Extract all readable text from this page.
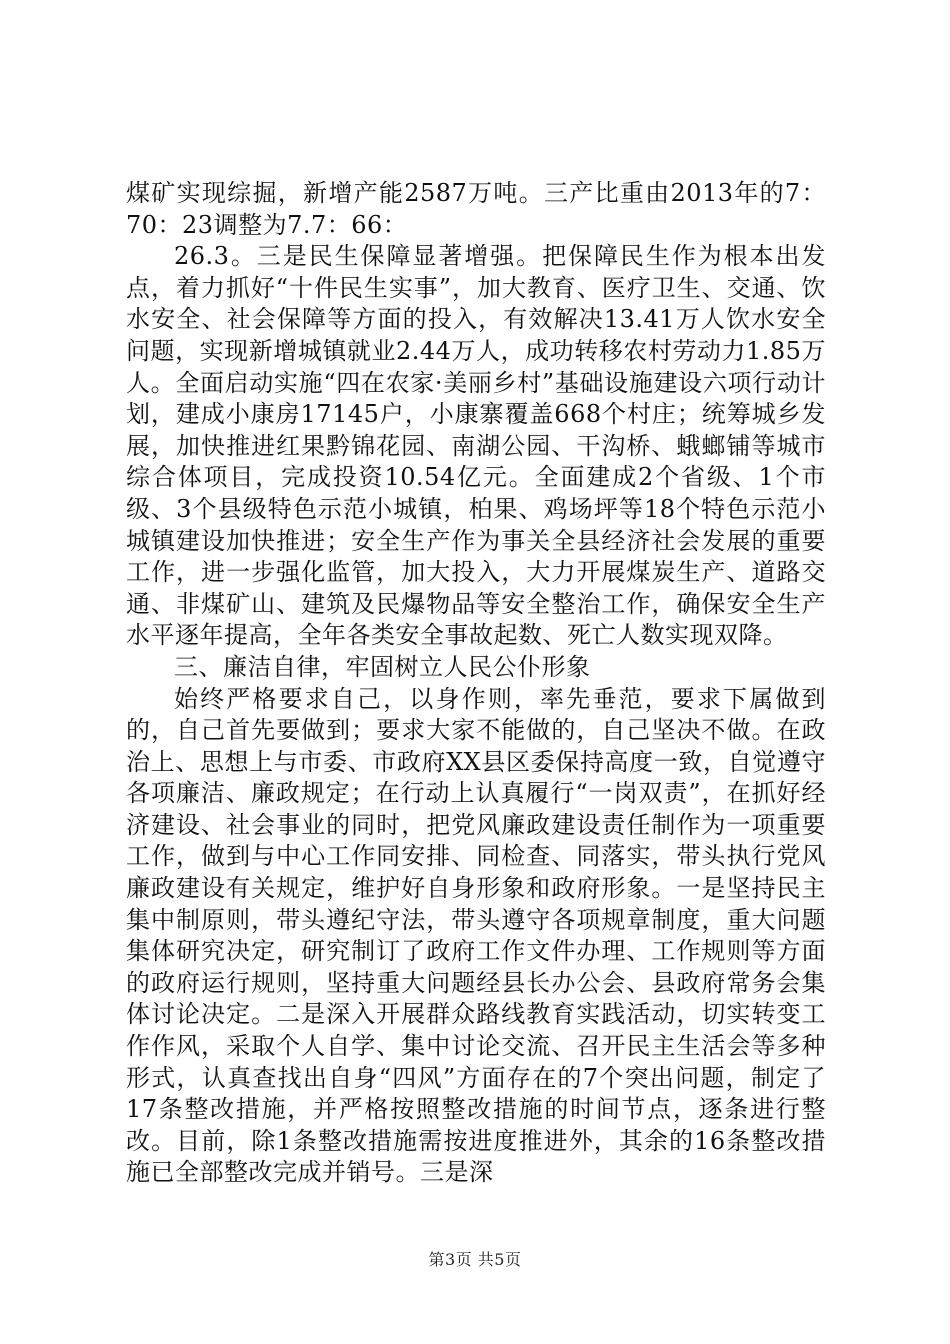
煤矿实现综掘，新增产能2587万吨。三产比重由2013年的7：70：23调整为7.7：66：

26.3。三是民生保障显著增强。把保障民生作为根本出发点，着力抓好“十件民生实事”，加大教育、医疗卫生、交通、饮水安全、社会保障等方面的投入，有效解决13.41万人饮水安全问题，实现新增城镇就业2.44万人，成功转移农村劳动力1.85万人。全面启动实施“四在农家·美丽乡村”基础设施建设六项行动计划，建成小康房17145户，小康寨覆盖668个村庄；统筹城乡发展，加快推进红果黔锦花园、南湖公园、干沟桥、蛾螂铺等城市综合体项目，完成投资10.54亿元。全面建成2个省级、1个市级、3个县级特色示范小城镇，柏果、鸡场坪等18个特色示范小城镇建设加快推进；安全生产作为事关全县经济社会发展的重要工作，进一步强化监管，加大投入，大力开展煤炭生产、道路交通、非煤矿山、建筑及民爆物品等安全整治工作，确保安全生产水平逐年提高，全年各类安全事故起数、死亡人数实现双降。

三、廉洁自律，牢固树立人民公仆形象

始终严格要求自己，以身作则，率先垂范，要求下属做到的，自己首先要做到；要求大家不能做的，自己坚决不做。在政治上、思想上与市委、市政府XX县区委保持高度一致，自觉遵守各项廉洁、廉政规定；在行动上认真履行“一岗双责”，在抓好经济建设、社会事业的同时，把党风廉政建设责任制作为一项重要工作，做到与中心工作同安排、同检查、同落实，带头执行党风廉政建设有关规定，维护好自身形象和政府形象。一是坚持民主集中制原则，带头遵纪守法，带头遵守各项规章制度，重大问题集体研究决定，研究制订了政府工作文件办理、工作规则等方面的政府运行规则，坚持重大问题经县长办公会、县政府常务会集体讨论决定。二是深入开展群众路线教育实践活动，切实转变工作作风，采取个人自学、集中讨论交流、召开民主生活会等多种形式，认真查找出自身“四风”方面存在的7个突出问题，制定了17条整改措施，并严格按照整改措施的时间节点，逐条进行整改。目前，除1条整改措施需按进度推进外，其余的16条整改措施已全部整改完成并销号。三是深

第3页 共5页
